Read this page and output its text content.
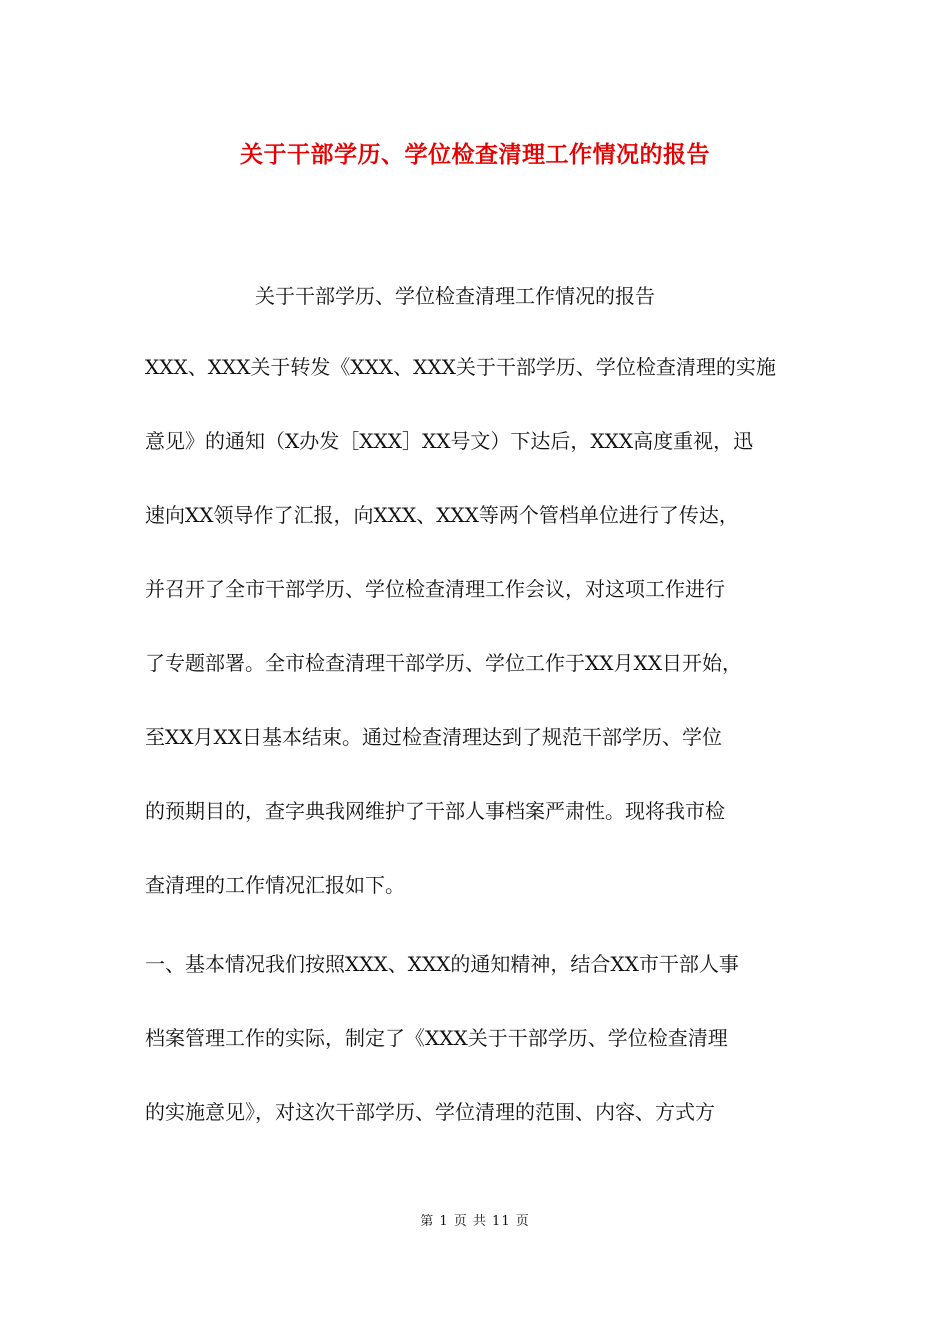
关于干部学历、学位检查清理工作情况的报告
关于干部学历、学位检查清理工作情况的报告
XXX、XXX关于转发《XXX、XXX关于干部学历、学位检查清理的实施
意见》的通知（X办发［XXX］XX号文）下达后，XXX高度重视，迅
速向XX领导作了汇报，向XXX、XXX等两个管档单位进行了传达，
并召开了全市干部学历、学位检查清理工作会议，对这项工作进行
了专题部署。全市检查清理干部学历、学位工作于XX月XX日开始，
至XX月XX日基本结束。通过检查清理达到了规范干部学历、学位
的预期目的，查字典我网维护了干部人事档案严肃性。现将我市检
查清理的工作情况汇报如下。
一、基本情况我们按照XXX、XXX的通知精神，结合XX市干部人事
档案管理工作的实际，制定了《XXX关于干部学历、学位检查清理
的实施意见》，对这次干部学历、学位清理的范围、内容、方式方
第 1 页 共 11 页
